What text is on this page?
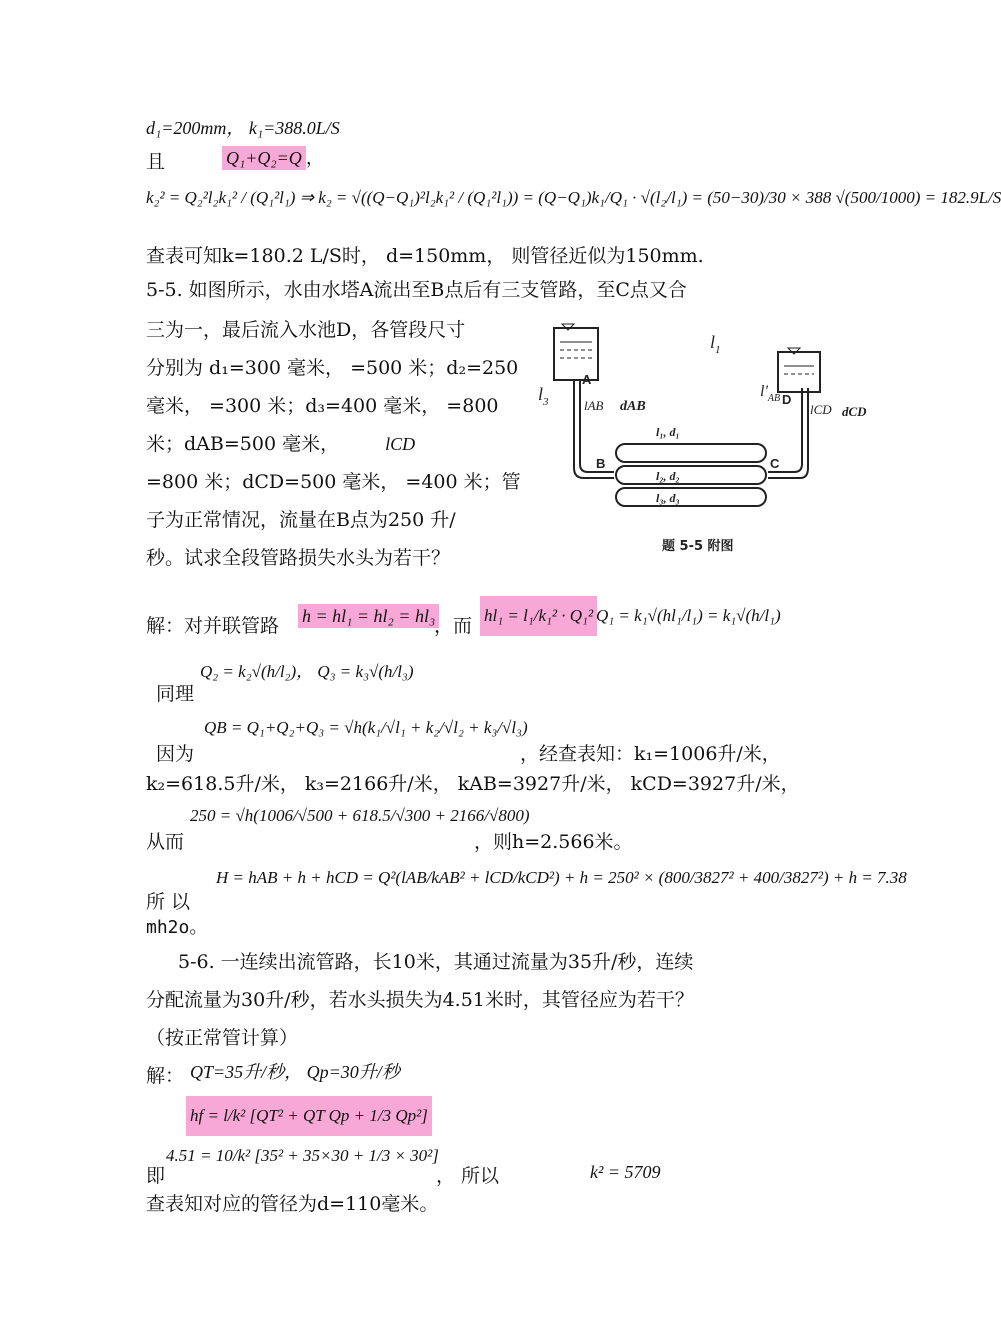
d₁=200mm， k₁=388.0L/S
且	Q₁+Q₂=Q ，
k₂² = Q₂²l₂k₁² / (Q₁²l₁) ⇒ k₂ = √((Q−Q₁)²l₂k₁² / (Q₁²l₁)) = (Q−Q₁)k₁/Q₁ · √(l₂/l₁) = (50−30)/30 × 388 √(500/1000) = 182.9L/S
查表可知k=180.2 L/S时， d=150mm， 则管径近似为150mm.
5-5. 如图所示，水由水塔A流出至B点后有三支管路，至C点又合
三为一，最后流入水池D，各管段尺寸
分别为 d₁=300 毫米， =500 米；d₂=250
毫米， =300 米；d₃=400 毫米， =800
米；dAB=500 毫米，	lCD
=800 米；dCD=500 毫米， =400 米；管
子为正常情况，流量在B点为250 升/
秒。试求全段管路损失水头为若干？
$l_1$
$l_3$
$l'_{AB}$
A
lAB dAB
B	C
D
lCD dCD
l₁, d₁
l₂, d₂
l₃, d₃
题 5-5 附图
解：对并联管路 h = hl₁ = hl₂ = hl₃
，而 hl₁ = l₁/k₁² · Q₁² Q₁ = k₁√(hl₁/l₁) = k₁√(h/l₁)
Q₂ = k₂√(h/l₂)， Q₃ = k₃√(h/l₃)
同理
QB = Q₁+Q₂+Q₃ = √h(k₁/√l₁ + k₂/√l₂ + k₃/√l₃)
因为	，经查表知：k₁=1006升/米，
k₂=618.5升/米， k₃=2166升/米， kAB=3927升/米， kCD=3927升/米，
250 = √h(1006/√500 + 618.5/√300 + 2166/√800)
，则h=2.566米。
从而
H = hAB + h + hCD = Q²(lAB/kAB² + lCD/kCD²) + h = 250² × (800/3827² + 400/3827²) + h = 7.38
所 以
mh2o。
5-6. 一连续出流管路，长10米，其通过流量为35升/秒，连续
分配流量为30升/秒，若水头损失为4.51米时，其管径应为若干？
（按正常管计算）
解： QT=35升/秒， Qp=30升/秒
hf = l/k² [QT² + QT Qp + 1/3 Qp²]
即
4.51 = 10/k² [35² + 35×30 + 1/3 × 30²]
， 所以	k² = 5709
查表知对应的管径为d=110毫米。
